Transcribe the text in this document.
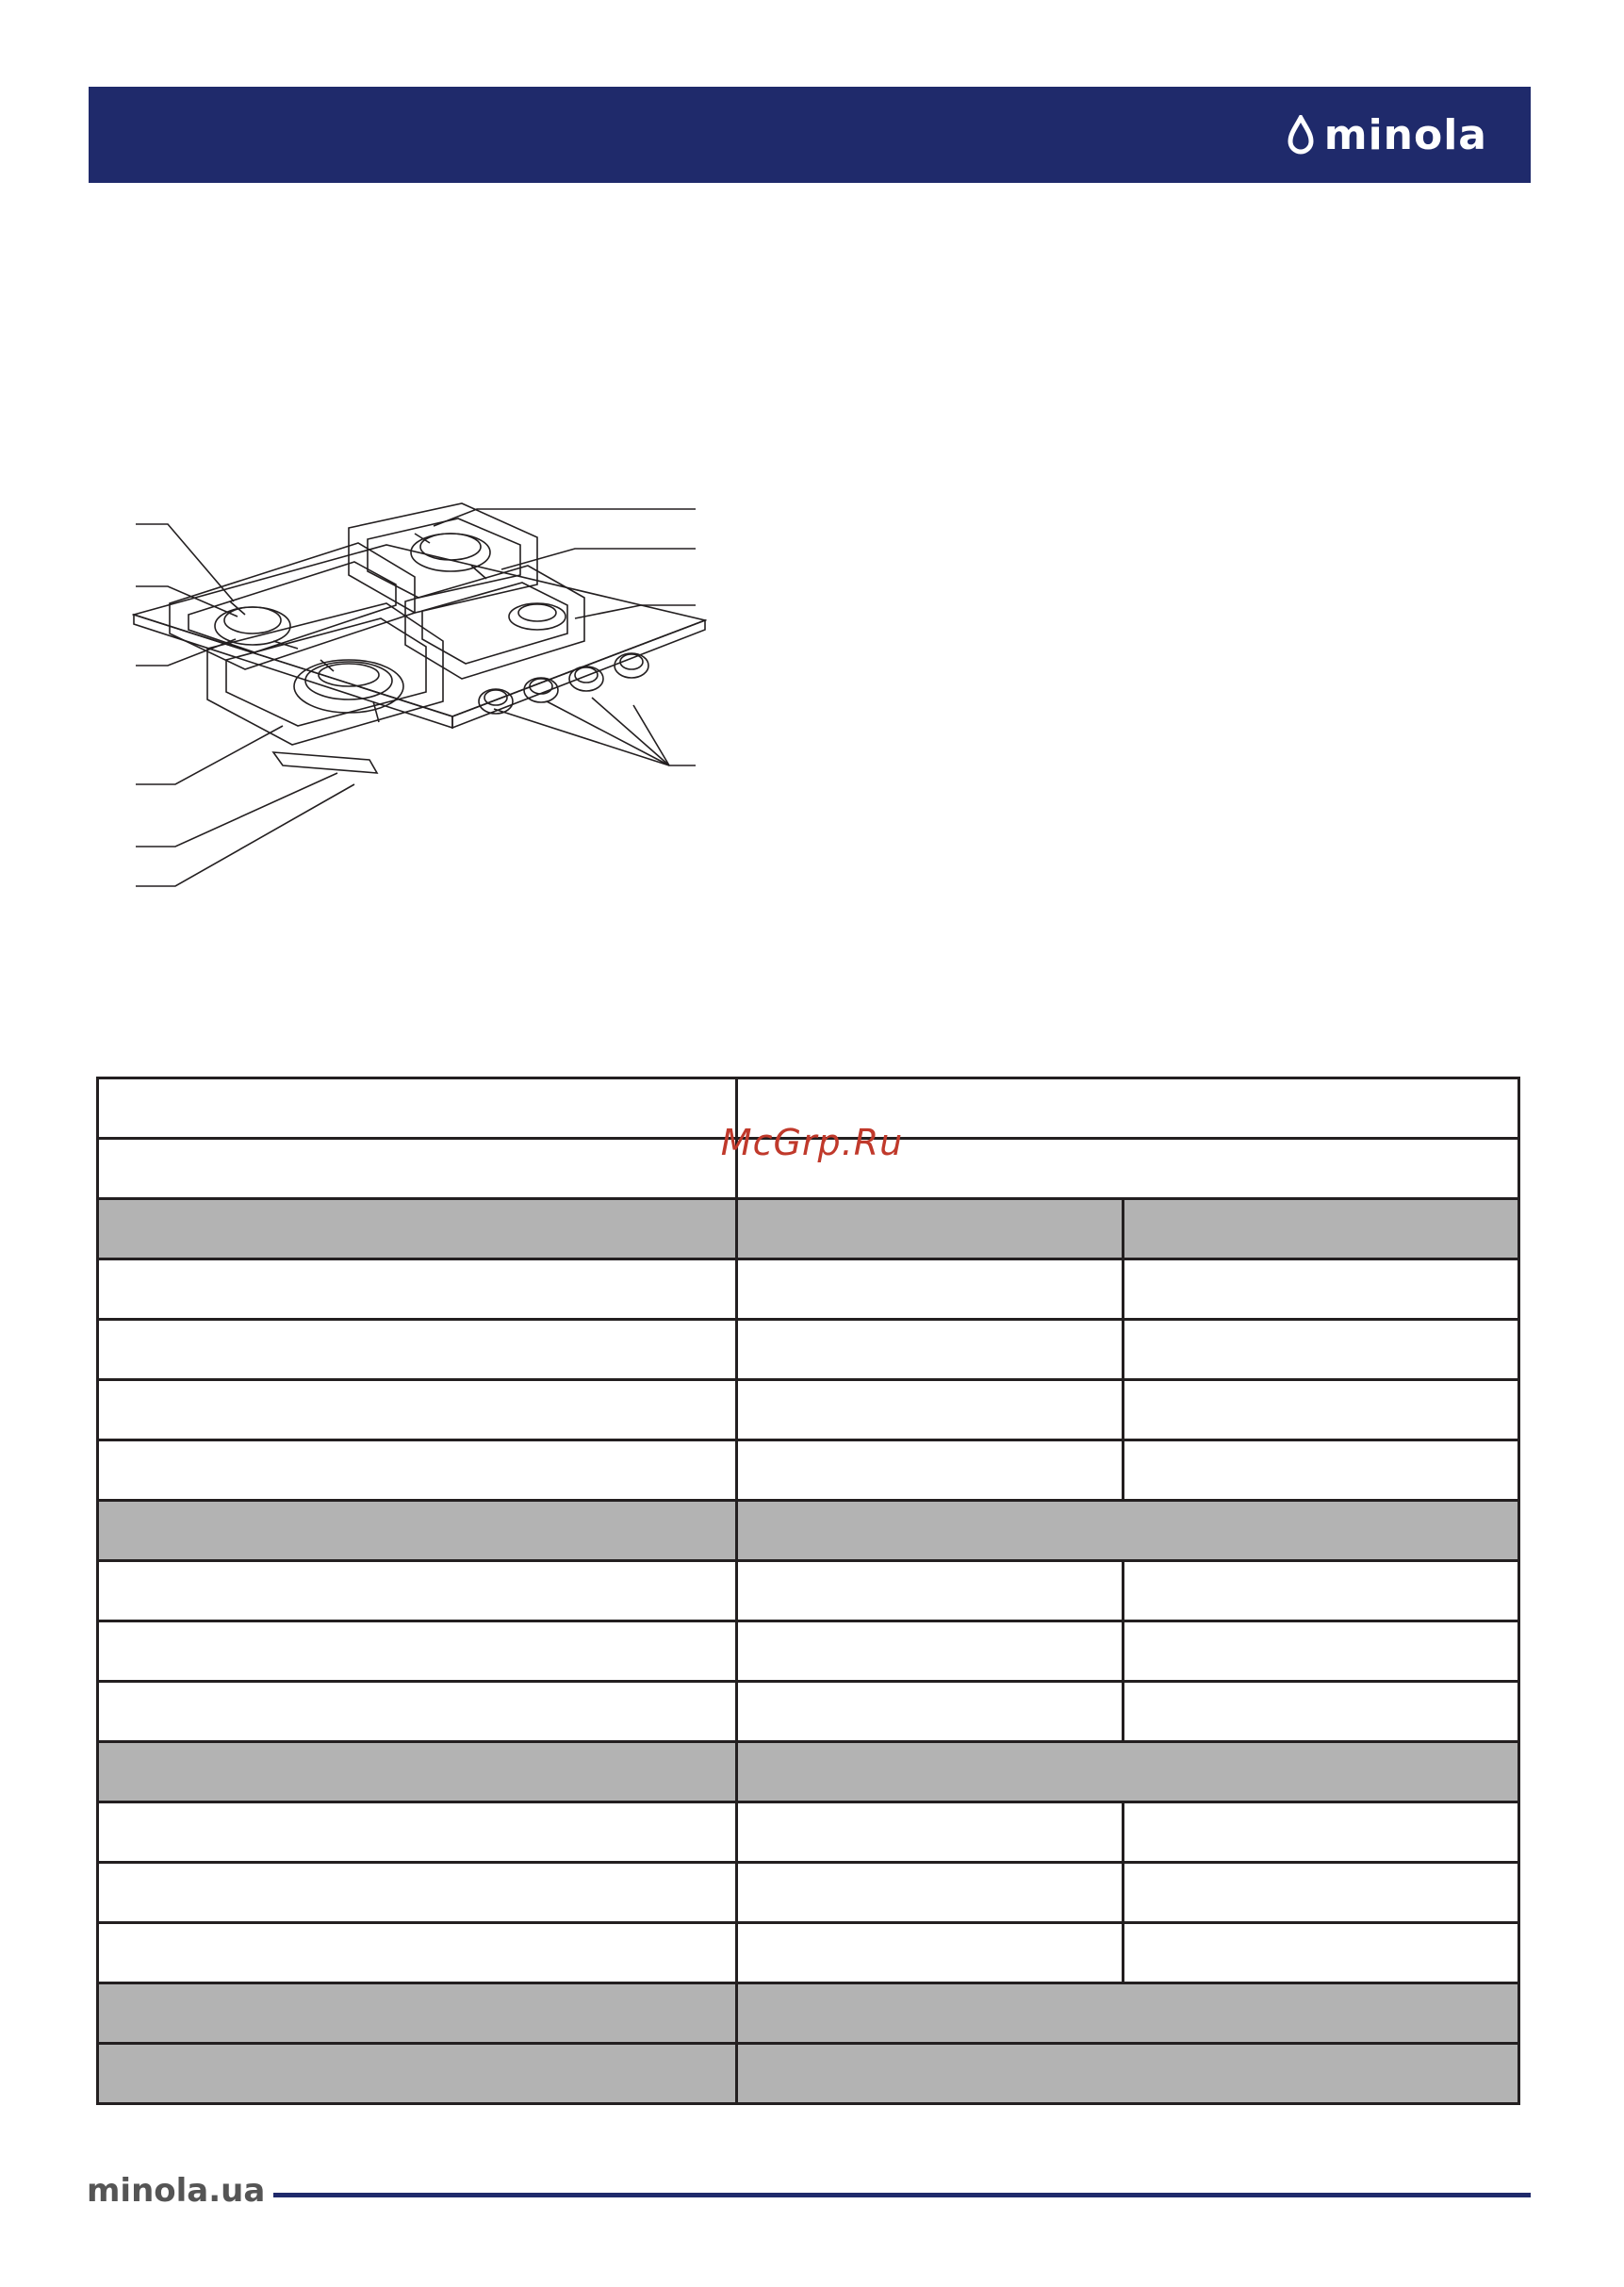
minola

McGrp.Ru
minola.ua
